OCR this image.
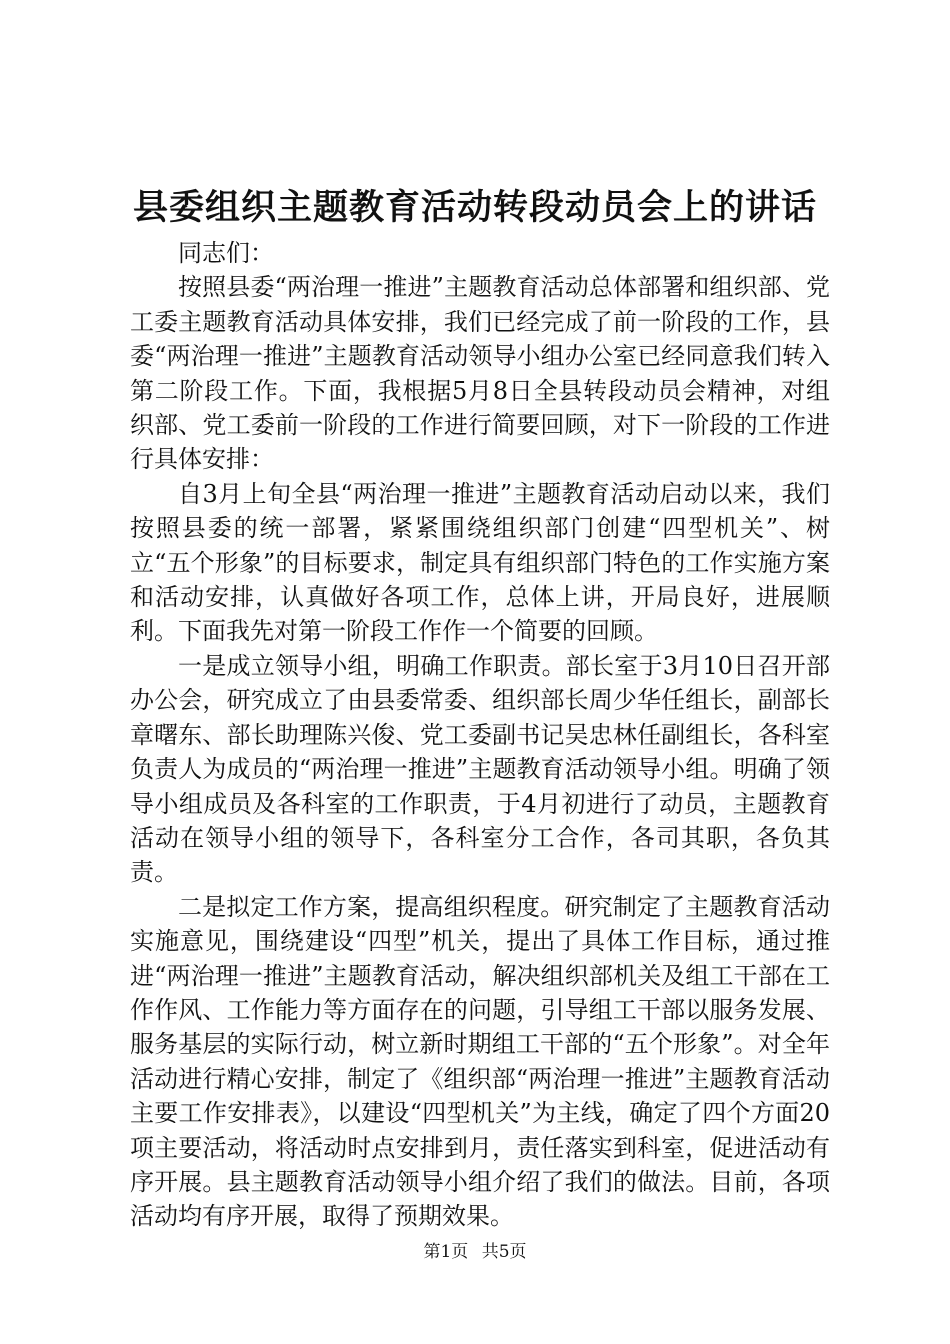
县委组织主题教育活动转段动员会上的讲话

同志们：

按照县委“两治理一推进”主题教育活动总体部署和组织部、党工委主题教育活动具体安排，我们已经完成了前一阶段的工作，县委“两治理一推进”主题教育活动领导小组办公室已经同意我们转入第二阶段工作。下面，我根据5月8日全县转段动员会精神，对组织部、党工委前一阶段的工作进行简要回顾，对下一阶段的工作进行具体安排：

自3月上旬全县“两治理一推进”主题教育活动启动以来，我们按照县委的统一部署，紧紧围绕组织部门创建“四型机关”、树立“五个形象”的目标要求，制定具有组织部门特色的工作实施方案和活动安排，认真做好各项工作，总体上讲，开局良好，进展顺利。下面我先对第一阶段工作作一个简要的回顾。

一是成立领导小组，明确工作职责。部长室于3月10日召开部办公会，研究成立了由县委常委、组织部长周少华任组长，副部长章曙东、部长助理陈兴俊、党工委副书记吴忠林任副组长，各科室负责人为成员的“两治理一推进”主题教育活动领导小组。明确了领导小组成员及各科室的工作职责，于4月初进行了动员，主题教育活动在领导小组的领导下，各科室分工合作，各司其职，各负其责。

二是拟定工作方案，提高组织程度。研究制定了主题教育活动实施意见，围绕建设“四型”机关，提出了具体工作目标，通过推进“两治理一推进”主题教育活动，解决组织部机关及组工干部在工作作风、工作能力等方面存在的问题，引导组工干部以服务发展、服务基层的实际行动，树立新时期组工干部的“五个形象”。对全年活动进行精心安排，制定了《组织部“两治理一推进”主题教育活动主要工作安排表》，以建设“四型机关”为主线，确定了四个方面20项主要活动，将活动时点安排到月，责任落实到科室，促进活动有序开展。县主题教育活动领导小组介绍了我们的做法。目前，各项活动均有序开展，取得了预期效果。

第1页 共5页
